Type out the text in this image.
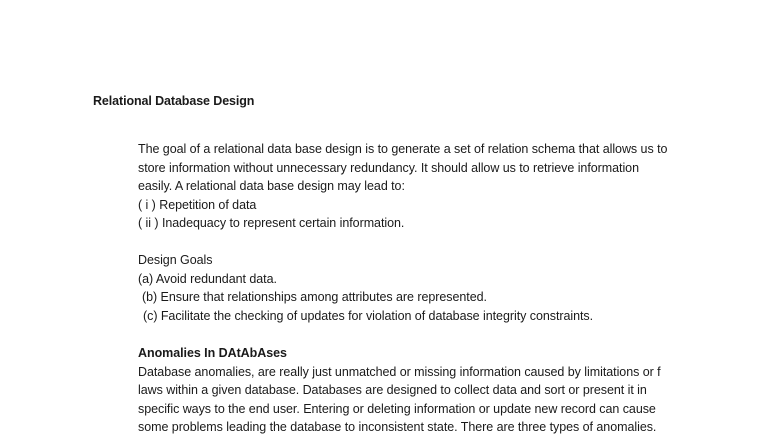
Relational Database Design
The goal of a relational data base design is to generate a set of relation schema that allows us to
store information without unnecessary redundancy. It should allow us to retrieve information
easily. A relational data base design may lead to:
( i ) Repetition of data
( ii ) Inadequacy to represent certain information.
Design Goals
(a) Avoid redundant data.
(b) Ensure that relationships among attributes are represented.
(c) Facilitate the checking of updates for violation of database integrity constraints.
Anomalies In DAtAbAses
Database anomalies, are really just unmatched or missing information caused by limitations or f
laws within a given database. Databases are designed to collect data and sort or present it in
specific ways to the end user. Entering or deleting information or update new record can cause
some problems leading the database to inconsistent state. There are three types of anomalies.
